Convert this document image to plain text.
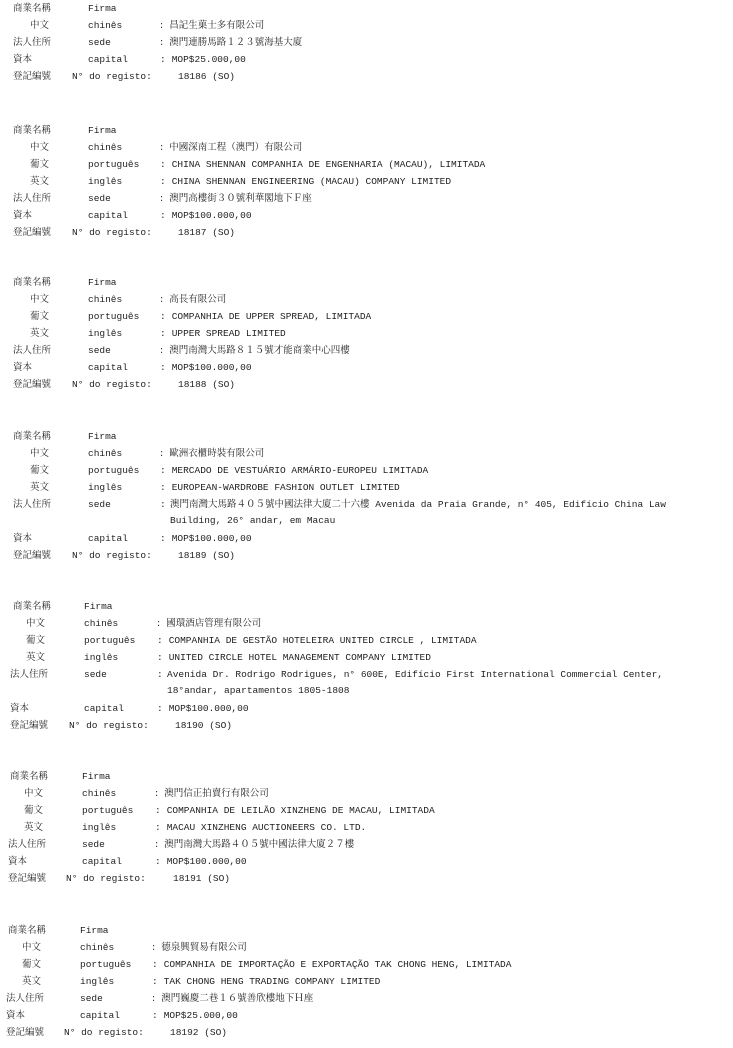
商業名稱	Firma
中文	chinês	: 昌記生菓士多有限公司
法人住所	sede	: 澳門連勝馬路１２３號海基大廈
資本	capital	: MOP$25.000,00
登記編號 N° do registo:	18186 (SO)
商業名稱	Firma
中文	chinês	: 中國深南工程（澳門）有限公司
葡文	português : CHINA SHENNAN COMPANHIA DE ENGENHARIA (MACAU), LIMITADA
英文	inglês	: CHINA SHENNAN ENGINEERING (MACAU) COMPANY LIMITED
法人住所	sede	: 澳門高樓街３０號利華閣地下Ｆ座
資本	capital	: MOP$100.000,00
登記編號 N° do registo:	18187 (SO)
商業名稱	Firma
中文	chinês	: 高長有限公司
葡文	português : COMPANHIA DE UPPER SPREAD, LIMITADA
英文	inglês	: UPPER SPREAD LIMITED
法人住所	sede	: 澳門南灣大馬路８１５號才能商業中心四樓
資本	capital	: MOP$100.000,00
登記編號 N° do registo:	18188 (SO)
商業名稱	Firma
中文	chinês	: 歐洲衣櫃時裝有限公司
葡文	português : MERCADO DE VESTUÁRIO ARMÁRIO-EUROPEU LIMITADA
英文	inglês	: EUROPEAN-WARDROBE FASHION OUTLET LIMITED
法人住所	sede	: 澳門南灣大馬路４０５號中國法律大廈二十六樓 Avenida da Praia Grande, n° 405, Edifício China Law Building, 26° andar, em Macau
資本	capital	: MOP$100.000,00
登記編號 N° do registo:	18189 (SO)
商業名稱	Firma
中文	chinês	: 國環酒店管理有限公司
葡文	português : COMPANHIA DE GESTÃO HOTELEIRA UNITED CIRCLE , LIMITADA
英文	inglês	: UNITED CIRCLE HOTEL MANAGEMENT COMPANY LIMITED
法人住所	sede	: Avenida Dr. Rodrigo Rodrigues, n° 600E, Edifício First International Commercial Center, 18°andar, apartamentos 1805-1808
資本	capital	: MOP$100.000,00
登記編號 N° do registo:	18190 (SO)
商業名稱	Firma
中文	chinês	: 澳門信正拍賣行有限公司
葡文	português : COMPANHIA DE LEILÃO XINZHENG DE MACAU, LIMITADA
英文	inglês	: MACAU XINZHENG AUCTIONEERS CO. LTD.
法人住所	sede	: 澳門南灣大馬路４０５號中國法律大廈２７樓
資本	capital	: MOP$100.000,00
登記編號 N° do registo:	18191 (SO)
商業名稱	Firma
中文	chinês	: 德泉興貿易有限公司
葡文	português : COMPANHIA DE IMPORTAÇÃO E EXPORTAÇÃO TAK CHONG HENG, LIMITADA
英文	inglês	: TAK CHONG HENG TRADING COMPANY LIMITED
法人住所	sede	: 澳門巍慶二巷１６號善欣樓地下Ｈ座
資本	capital	: MOP$25.000,00
登記編號 N° do registo:	18192 (SO)
